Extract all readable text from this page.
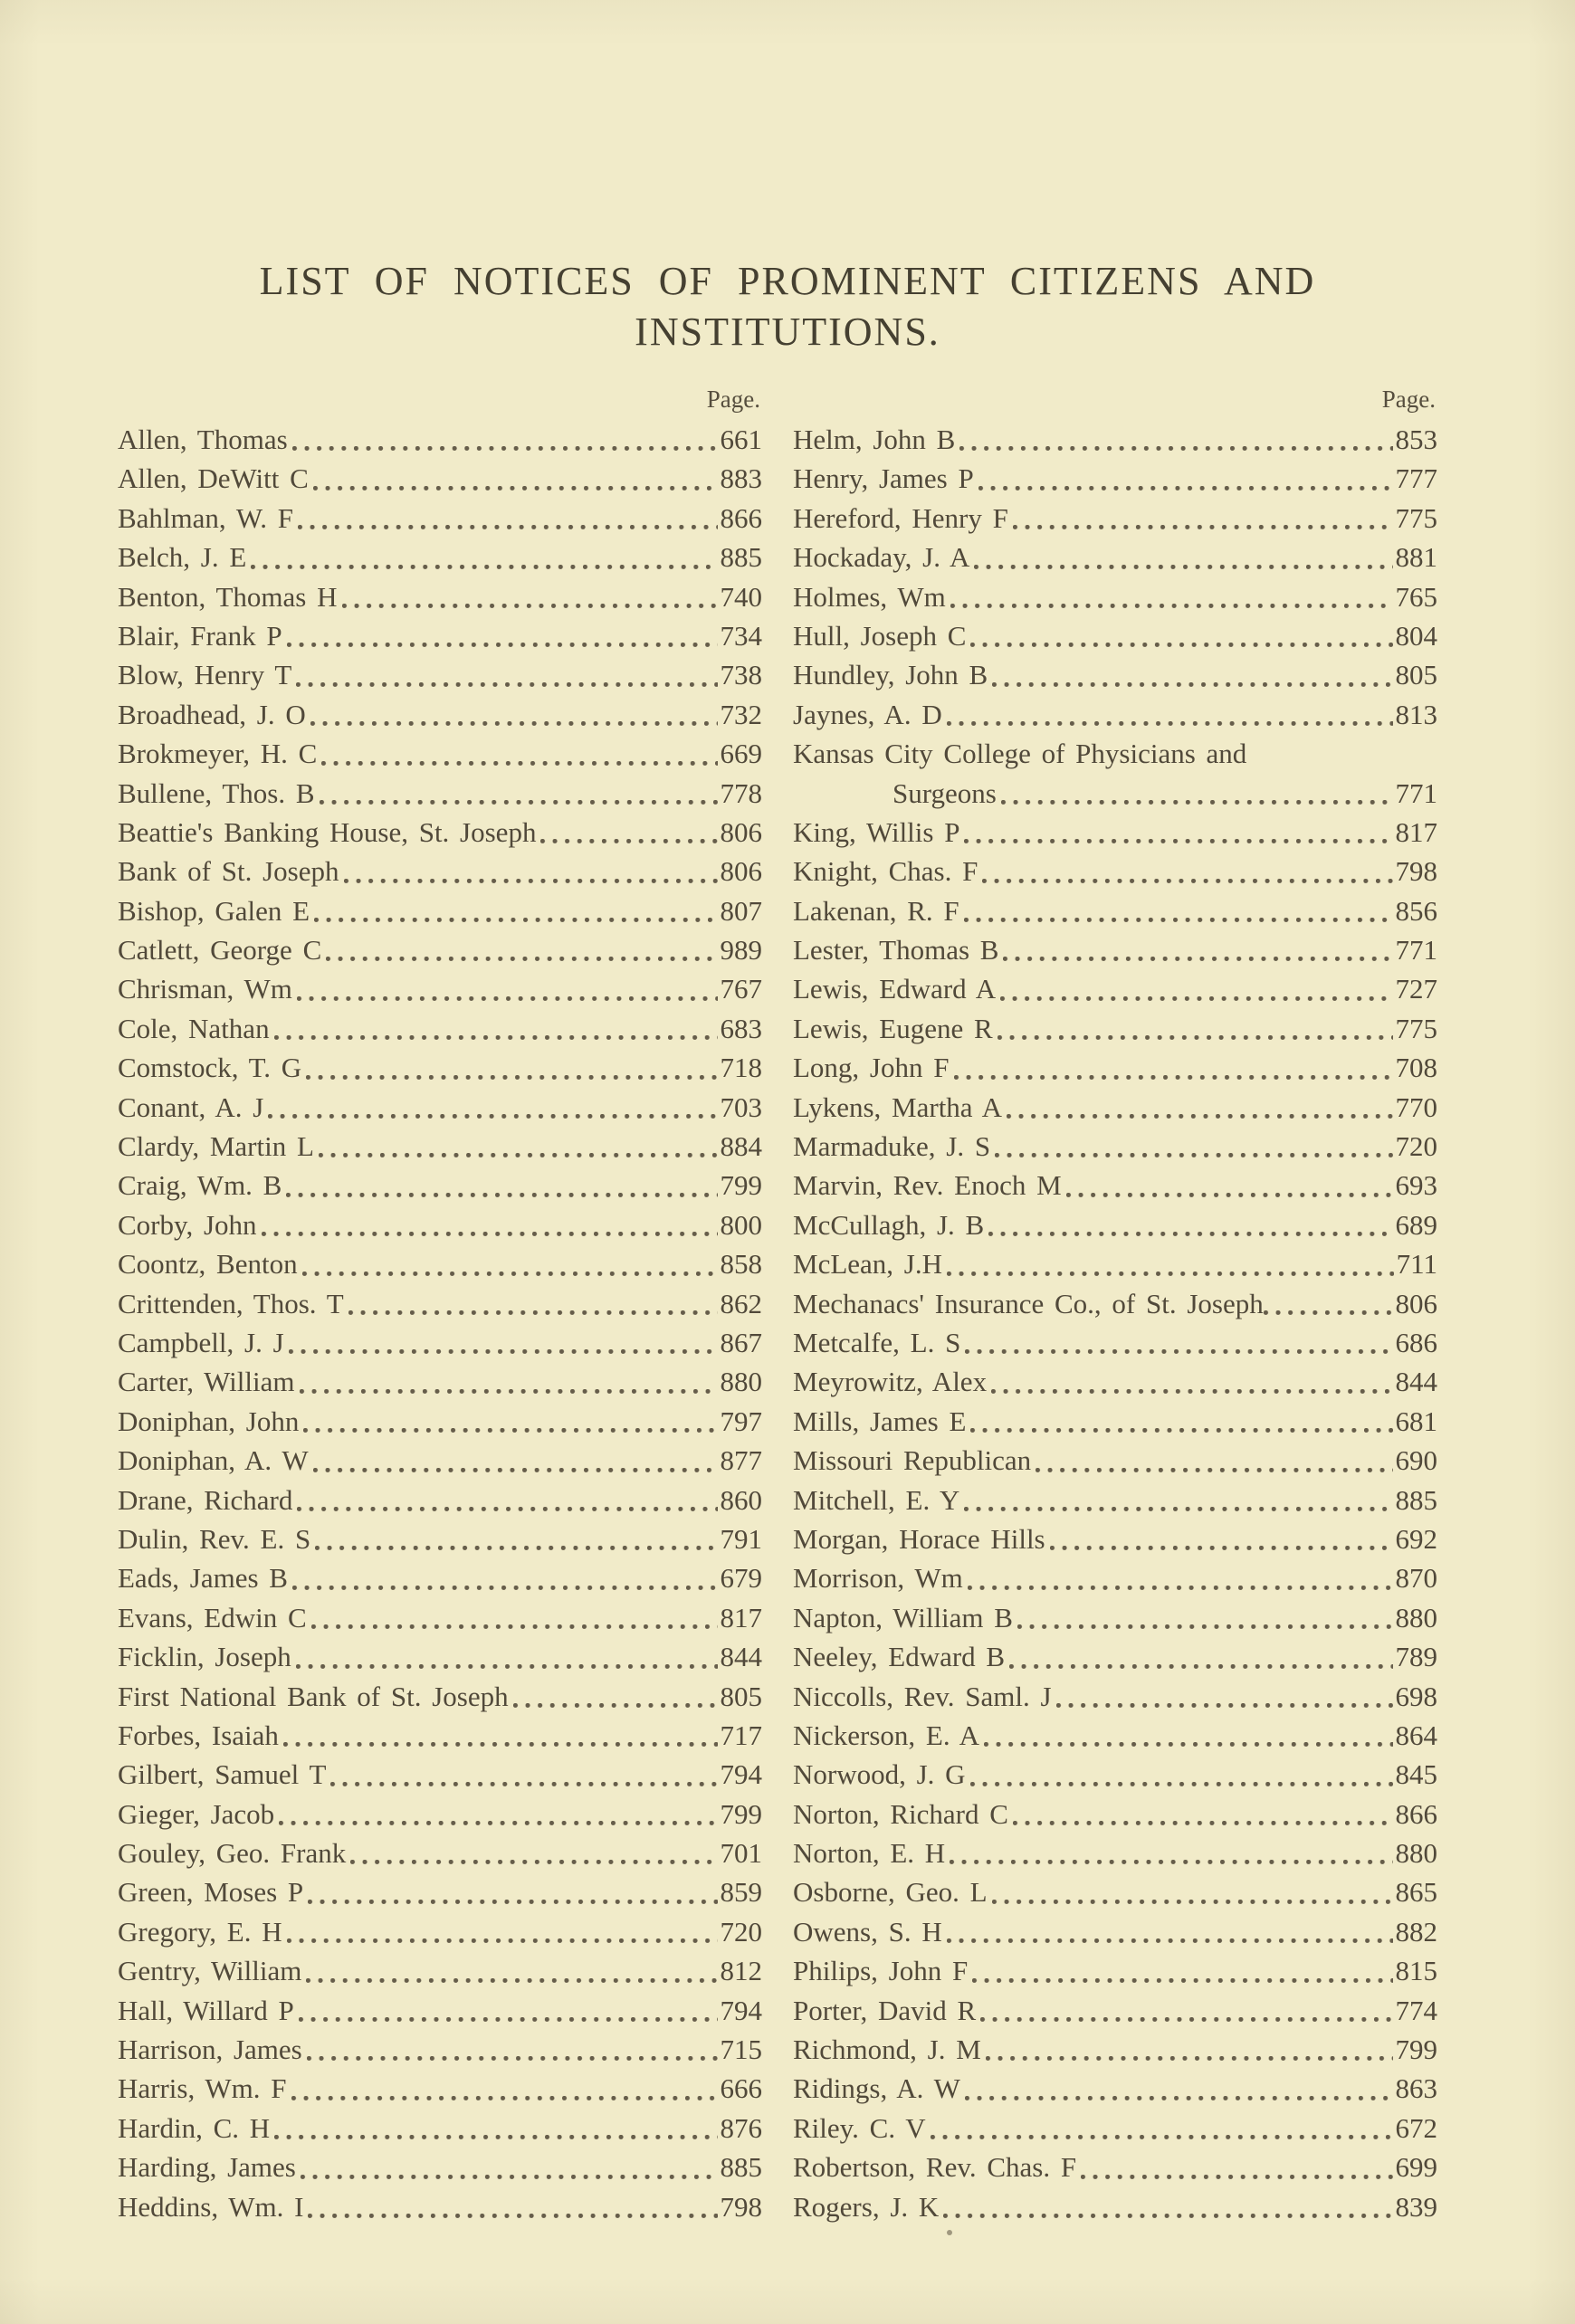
LIST OF NOTICES OF PROMINENT CITIZENS AND
INSTITUTIONS.
Page.
Allen, Thomas	661
Allen, DeWitt C	883
Bahlman, W. F	866
Belch, J. E	885
Benton, Thomas H	740
Blair, Frank P	734
Blow, Henry T	738
Broadhead, J. O	732
Brokmeyer, H. C	669
Bullene, Thos. B	778
Beattie's Banking House, St. Joseph	806
Bank of St. Joseph	806
Bishop, Galen E	807
Catlett, George C	989
Chrisman, Wm	767
Cole, Nathan	683
Comstock, T. G	718
Conant, A. J	703
Clardy, Martin L	884
Craig, Wm. B	799
Corby, John	800
Coontz, Benton	858
Crittenden, Thos. T	862
Campbell, J. J	867
Carter, William	880
Doniphan, John	797
Doniphan, A. W	877
Drane, Richard	860
Dulin, Rev. E. S	791
Eads, James B	679
Evans, Edwin C	817
Ficklin, Joseph	844
First National Bank of St. Joseph	805
Forbes, Isaiah	717
Gilbert, Samuel T	794
Gieger, Jacob	799
Gouley, Geo. Frank	701
Green, Moses P	859
Gregory, E. H	720
Gentry, William	812
Hall, Willard P	794
Harrison, James	715
Harris, Wm. F	666
Hardin, C. H	876
Harding, James	885
Heddins, Wm. I	798
Page.
Helm, John B	853
Henry, James P	777
Hereford, Henry F	775
Hockaday, J. A	881
Holmes, Wm	765
Hull, Joseph C	804
Hundley, John B	805
Jaynes, A. D	813
Kansas City College of Physicians and
Surgeons	771
King, Willis P	817
Knight, Chas. F	798
Lakenan, R. F	856
Lester, Thomas B	771
Lewis, Edward A	727
Lewis, Eugene R	775
Long, John F	708
Lykens, Martha A	770
Marmaduke, J. S	720
Marvin, Rev. Enoch M	693
McCullagh, J. B	689
McLean, J.H	711
Mechanacs' Insurance Co., of St. Joseph	806
Metcalfe, L. S	686
Meyrowitz, Alex	844
Mills, James E	681
Missouri Republican	690
Mitchell, E. Y	885
Morgan, Horace Hills	692
Morrison, Wm	870
Napton, William B	880
Neeley, Edward B	789
Niccolls, Rev. Saml. J	698
Nickerson, E. A	864
Norwood, J. G	845
Norton, Richard C	866
Norton, E. H	880
Osborne, Geo. L	865
Owens, S. H	882
Philips, John F	815
Porter, David R	774
Richmond, J. M	799
Ridings, A. W	863
Riley. C. V	672
Robertson, Rev. Chas. F	699
Rogers, J. K	839
